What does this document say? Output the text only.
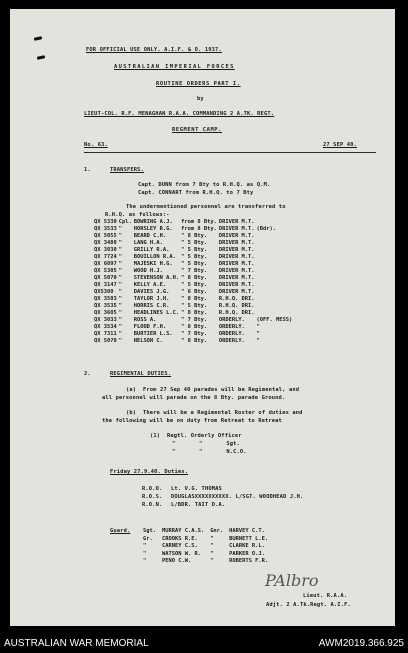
FOR OFFICIAL USE ONLY. A.I.F. & O. 1937.
AUSTRALIAN IMPERIAL FORCES
ROUTINE ORDERS PART I.
by
LIEUT-COL. R.F. MENAGHAN R.A.A. COMMANDING 2 A.TK. REGT.
REGMENT CAMP.
No. 63.	27 SEP 40.
1.	TRANSFERS.
Capt. DUNN from 7 Bty to R.H.Q. as Q.M.
Capt. CONNART from R.H.Q. to 7 Bty
The undermentioned personnel are transferred to
R.H.Q. as follows:-
QX 5330	Cpl.	BOWRING A.J.	from 8 Bty.	DRIVER M.T.	
QX 3533	"	HORSLEY R.G.	from 8 Bty.	DRIVER M.T.	(Bdr).
QX 5055	"	BEARD C.H.	" 8 Bty.	DRIVER M.T.	
QX 3480	"	LANG H.A.	" 5 Bty.	DRIVER M.T.	
QX 3030	"	GRILLY R.A.	" 5 Bty.	DRIVER M.T.	
QX 7724	"	BOUILLON R.A.	" 5 Bty.	DRIVER M.T.	
QX 6097	"	MAJESKI H.G.	" 5 Bty.	DRIVER M.T.	
QX 5305	"	WOOD H.J.	" 7 Bty.	DRIVER M.T.	
QX 5070	"	STEVENSON A.H.	" 8 Bty.	DRIVER M.T.	
QX 3147	"	KELLY A.E.	" 5 Bty.	DRIVER M.T.	
QX5300	"	DAVIES J.G.	" 6 Bty.	DRIVER M.T.	
QX 3503	"	TAYLOR J.H.	" 8 Bty.	R.H.Q. DRI.	
QX 3535	"	HORRIS C.R.	" 5 Bty.	R.H.Q. DRI.	
QX 3605	"	HEADLINES L.C.	" 8 Bty.	R.H.Q. DRI.	
QX 3033	"	ROSS A.	" 7 Bty.	ORDERLY.	(OFF. MESS)
QX 3534	"	FLOOD F.H.	" 8 Bty.	ORDERLY.	"
QX 7311	"	BURTIER L.S.	" 7 Bty.	ORDERLY.	"
QX 5070	"	NELSON C.	" 8 Bty.	ORDERLY.	"
2.	REGIMENTAL DUTIES.
(a)  From 27 Sep 40 parades will be Regimental, and
all personnel will parade on the 8 Bty. parade Ground.
(b)  There will be a Regimental Roster of duties and
the following will be on duty from Retreat to Retreat
(1)  Regtl. Orderly Officer
"       "       Sgt.
"       "       N.C.O.
Friday 27.9.40. Duties.
R.O.O. Lt. V.G. THOMAS
R.O.S. DOUGLASXXXXXXXXXX. L/SGT. WOODHEAD J.H.
R.O.N. L/BDR. TAIT D.A.
Guard. Sgt.	MURRAY C.A.S.	Gnr.	HARVEY C.T.
Gr.	CROOKS R.E.	"	BURNETT L.E.
"	CARNEY C.S.	"	CLARKE R.L.
"	WATSON W. R.	"	PARKER O.J.
"	PENO C.W.	"	ROBERTS F.R.
PAlbro
Lieut. R.A.A.
Adjt. 2 A.Tk.Regt. A.I.F.
AUSTRALIAN WAR MEMORIAL	AWM2019.366.925
